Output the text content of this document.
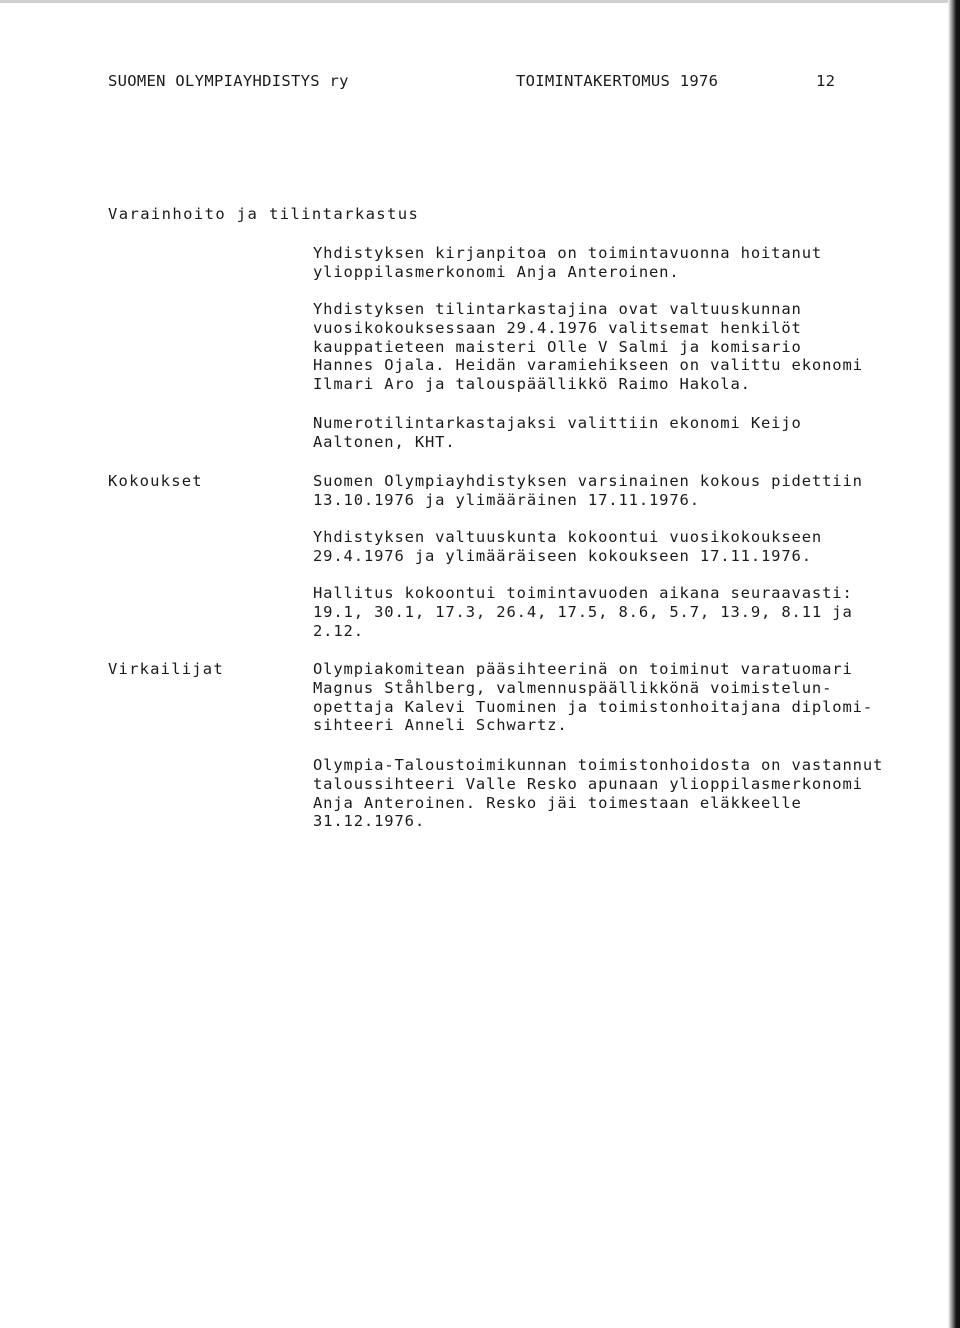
SUOMEN OLYMPIAYHDISTYS ry	TOIMINTAKERTOMUS 1976	12
Varainhoito ja tilintarkastus
Kokoukset
Virkailijat
Yhdistyksen kirjanpitoa on toimintavuonna hoitanut
ylioppilasmerkonomi Anja Anteroinen.
Yhdistyksen tilintarkastajina ovat valtuuskunnan
vuosikokouksessaan 29.4.1976 valitsemat henkilöt
kauppatieteen maisteri Olle V Salmi ja komisario
Hannes Ojala. Heidän varamiehikseen on valittu ekonomi
Ilmari Aro ja talouspäällikkö Raimo Hakola.
Numerotilintarkastajaksi valittiin ekonomi Keijo
Aaltonen, KHT.
Suomen Olympiayhdistyksen varsinainen kokous pidettiin
13.10.1976 ja ylimääräinen 17.11.1976.
Yhdistyksen valtuuskunta kokoontui vuosikokoukseen
29.4.1976 ja ylimääräiseen kokoukseen 17.11.1976.
Hallitus kokoontui toimintavuoden aikana seuraavasti:
19.1, 30.1, 17.3, 26.4, 17.5, 8.6, 5.7, 13.9, 8.11 ja
2.12.
Olympiakomitean pääsihteerinä on toiminut varatuomari
Magnus Ståhlberg, valmennuspäällikkönä voimistelun-
opettaja Kalevi Tuominen ja toimistonhoitajana diplomi-
sihteeri Anneli Schwartz.
Olympia-Taloustoimikunnan toimistonhoidosta on vastannut
taloussihteeri Valle Resko apunaan ylioppilasmerkonomi
Anja Anteroinen. Resko jäi toimestaan eläkkeelle
31.12.1976.
